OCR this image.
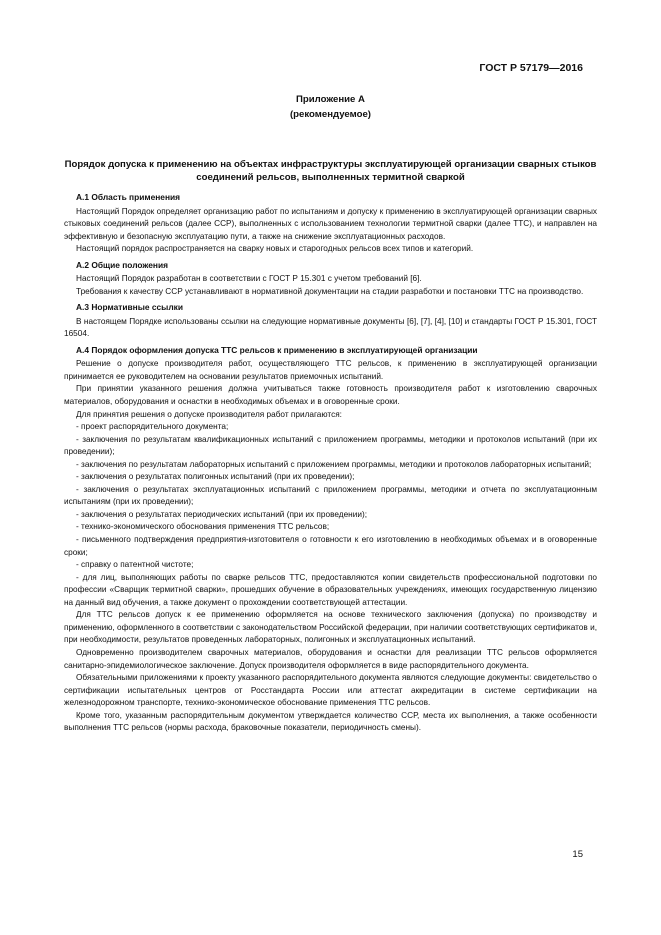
ГОСТ Р 57179—2016
Приложение А
(рекомендуемое)
Порядок допуска к применению на объектах инфраструктуры эксплуатирующей организации сварных стыков соединений рельсов, выполненных термитной сваркой
А.1 Область применения

Настоящий Порядок определяет организацию работ по испытаниям и допуску к применению в эксплуатирующей организации сварных стыковых соединений рельсов (далее ССР), выполненных с использованием технологии термитной сварки (далее ТТС), и направлен на эффективную и безопасную эксплуатацию пути, а также на снижение эксплуатационных расходов.

Настоящий порядок распространяется на сварку новых и старогодных рельсов всех типов и категорий.

А.2 Общие положения

Настоящий Порядок разработан в соответствии с ГОСТ Р 15.301 с учетом требований [6].

Требования к качеству ССР устанавливают в нормативной документации на стадии разработки и постановки ТТС на производство.

А.3 Нормативные ссылки

В настоящем Порядке использованы ссылки на следующие нормативные документы [6], [7], [4], [10] и стандарты ГОСТ Р 15.301, ГОСТ 16504.

А.4 Порядок оформления допуска ТТС рельсов к применению в эксплуатирующей организации

Решение о допуске производителя работ, осуществляющего ТТС рельсов, к применению в эксплуатирующей организации принимается ее руководителем на основании результатов приемочных испытаний.

При принятии указанного решения должна учитываться также готовность производителя работ к изготовлению сварочных материалов, оборудования и оснастки в необходимых объемах и в оговоренные сроки.

Для принятия решения о допуске производителя работ прилагаются:

- проект распорядительного документа;

- заключения по результатам квалификационных испытаний с приложением программы, методики и протоколов испытаний (при их проведении);

- заключения по результатам лабораторных испытаний с приложением программы, методики и протоколов лабораторных испытаний;

- заключения о результатах полигонных испытаний (при их проведении);

- заключения о результатах эксплуатационных испытаний с приложением программы, методики и отчета по эксплуатационным испытаниям (при их проведении);

- заключения о результатах периодических испытаний (при их проведении);

- технико-экономического обоснования применения ТТС рельсов;

- письменного подтверждения предприятия-изготовителя о готовности к его изготовлению в необходимых объемах и в оговоренные сроки;

- справку о патентной чистоте;

- для лиц, выполняющих работы по сварке рельсов ТТС, предоставляются копии свидетельств профессиональной подготовки по профессии «Сварщик термитной сварки», прошедших обучение в образовательных учреждениях, имеющих государственную лицензию на данный вид обучения, а также документ о прохождении соответствующей аттестации.

Для ТТС рельсов допуск к ее применению оформляется на основе технического заключения (допуска) по производству и применению, оформленного в соответствии с законодательством Российской федерации, при наличии соответствующих сертификатов и, при необходимости, результатов проведенных лабораторных, полигонных и эксплуатационных испытаний.

Одновременно производителем сварочных материалов, оборудования и оснастки для реализации ТТС рельсов оформляется санитарно-эпидемиологическое заключение. Допуск производителя оформляется в виде распорядительного документа.

Обязательными приложениями к проекту указанного распорядительного документа являются следующие документы: свидетельство о сертификации испытательных центров от Росстандарта России или аттестат аккредитации в системе сертификации на железнодорожном транспорте, технико-экономическое обоснование применения ТТС рельсов.

Кроме того, указанным распорядительным документом утверждается количество ССР, места их выполнения, а также особенности выполнения ТТС рельсов (нормы расхода, браковочные показатели, периодичность смены).

15
